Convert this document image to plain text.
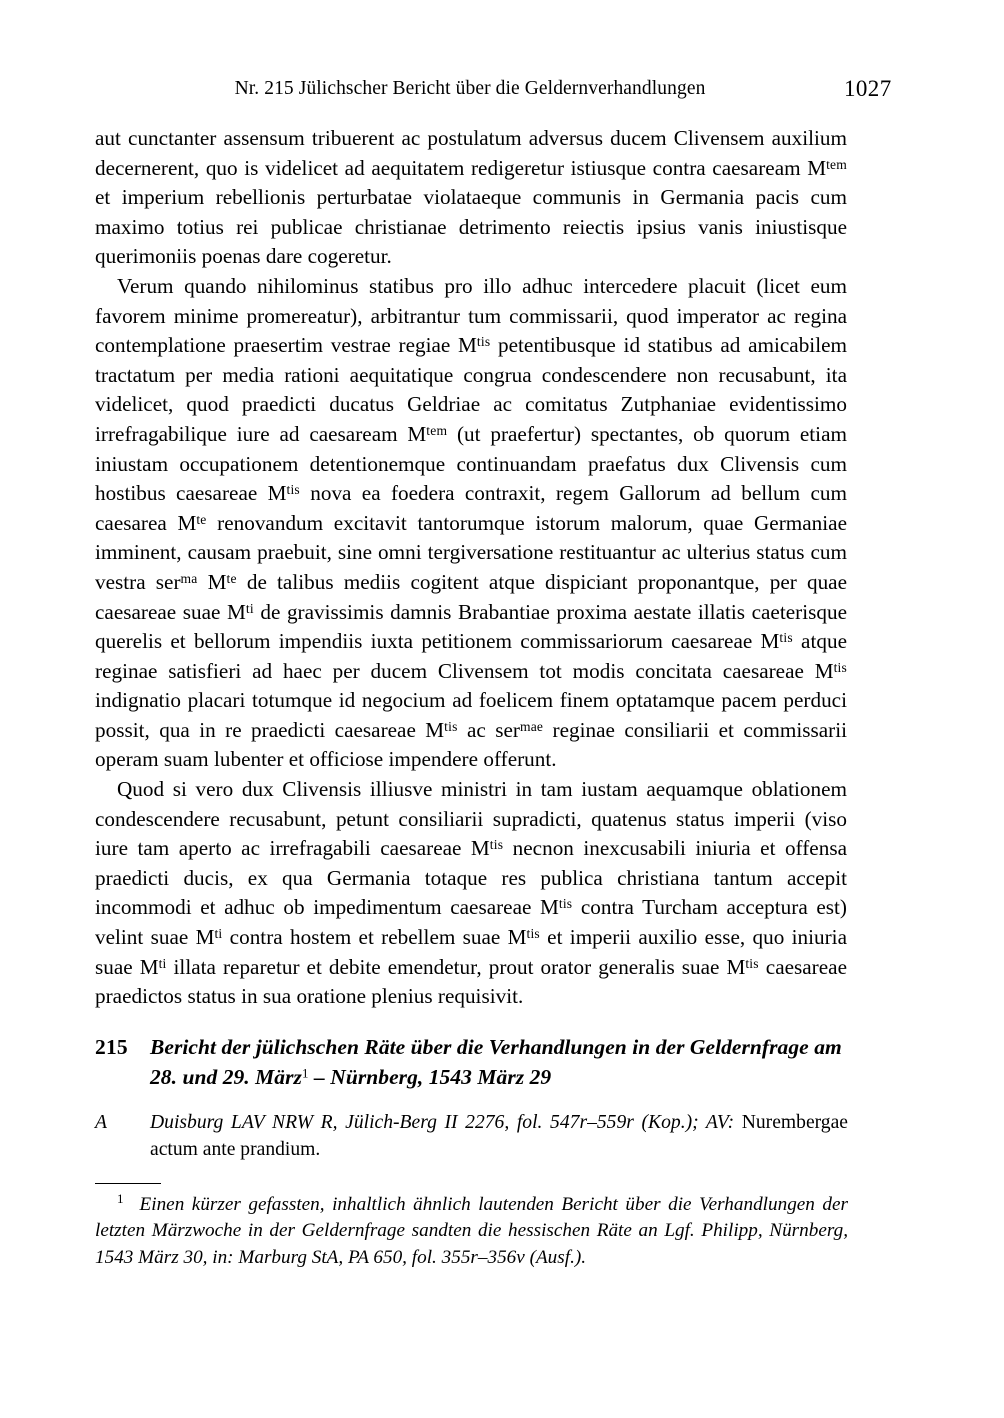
Nr. 215 Jülichscher Bericht über die Geldernverhandlungen	1027

aut cunctanter assensum tribuerent ac postulatum adversus ducem Clivensem auxilium decernerent, quo is videlicet ad aequitatem redigeretur istiusque contra caesaream $M^{tem}$ et imperium rebellionis perturbatae violataeque communis in Germania pacis cum maximo totius rei publicae christianae detrimento reiectis ipsius vanis iniustisque querimoniis poenas dare cogeretur.

Verum quando nihilominus statibus pro illo adhuc intercedere placuit (licet eum favorem minime promereatur), arbitrantur tum commissarii, quod imperator ac regina contemplatione praesertim vestrae regiae $M^{tis}$ petentibusque id statibus ad amicabilem tractatum per media rationi aequitatique congrua condescendere non recusabunt, ita videlicet, quod praedicti ducatus Geldriae ac comitatus Zutphaniae evidentissimo irrefragabilique iure ad caesaream $M^{tem}$ (ut praefertur) spectantes, ob quorum etiam iniustam occupationem detentionemque continuandam praefatus dux Clivensis cum hostibus caesareae $M^{tis}$ nova ea foedera contraxit, regem Gallorum ad bellum cum caesarea $M^{te}$ renovandum excitavit tantorumque istorum malorum, quae Germaniae imminent, causam praebuit, sine omni tergiversatione restituantur ac ulterius status cum vestra ser$^{ma}$ $M^{te}$ de talibus mediis cogitent atque dispiciant proponantque, per quae caesareae suae $M^{ti}$ de gravissimis damnis Brabantiae proxima aestate illatis caeterisque querelis et bellorum impendiis iuxta petitionem commissariorum caesareae $M^{tis}$ atque reginae satisfieri ad haec per ducem Clivensem tot modis concitata caesareae $M^{tis}$ indignatio placari totumque id negocium ad foelicem finem optatamque pacem perduci possit, qua in re praedicti caesareae $M^{tis}$ ac ser$^{mae}$ reginae consiliarii et commissarii operam suam lubenter et officiose impendere offerunt.

Quod si vero dux Clivensis illiusve ministri in tam iustam aequamque oblationem condescendere recusabunt, petunt consiliarii supradicti, quatenus status imperii (viso iure tam aperto ac irrefragabili caesareae $M^{tis}$ necnon inexcusabili iniuria et offensa praedicti ducis, ex qua Germania totaque res publica christiana tantum accepit incommodi et adhuc ob impedimentum caesareae $M^{tis}$ contra Turcham acceptura est) velint suae $M^{ti}$ contra hostem et rebellem suae $M^{tis}$ et imperii auxilio esse, quo iniuria suae $M^{ti}$ illata reparetur et debite emendetur, prout orator generalis suae $M^{tis}$ caesareae praedictos status in sua oratione plenius requisivit.

215	Bericht der jülichschen Räte über die Verhandlungen in der Geldernfrage am 28. und 29. März$^1$ – Nürnberg, 1543 März 29
A	Duisburg LAV NRW R, Jülich-Berg II 2276, fol. 547r–559r (Kop.); AV: Nurembergae actum ante prandium.
$^1$ Einen kürzer gefassten, inhaltlich ähnlich lautenden Bericht über die Verhandlungen der letzten Märzwoche in der Geldernfrage sandten die hessischen Räte an Lgf. Philipp, Nürnberg, 1543 März 30, in: Marburg StA, PA 650, fol. 355r–356v (Ausf.).
